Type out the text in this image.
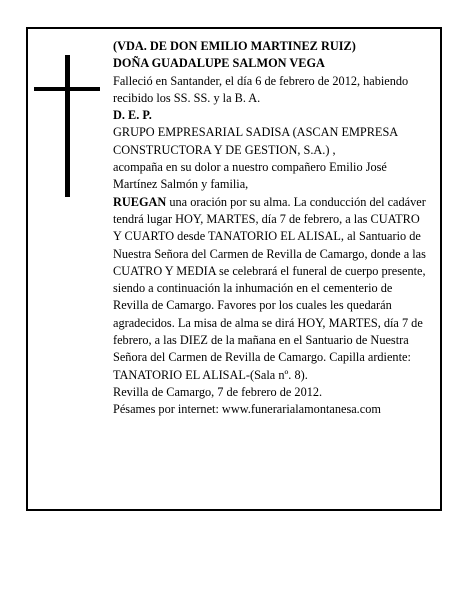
(VDA. DE DON EMILIO MARTINEZ RUIZ)

DOÑA GUADALUPE SALMON VEGA

Falleció en Santander, el día 6 de febrero de 2012, habiendo recibido los SS. SS. y la B. A.

D. E. P.

GRUPO EMPRESARIAL SADISA (ASCAN EMPRESA CONSTRUCTORA Y DE GESTION, S.A.) ,

acompaña en su dolor a nuestro compañero Emilio José Martínez Salmón y familia,

RUEGAN una oración por su alma. La conducción del cadáver tendrá lugar HOY, MARTES, día 7 de febrero, a las CUATRO Y CUARTO desde TANATORIO EL ALISAL, al Santuario de Nuestra Señora del Carmen de Revilla de Camargo, donde a las CUATRO Y MEDIA se celebrará el funeral de cuerpo presente, siendo a continuación la inhumación en el cementerio de Revilla de Camargo. Favores por los cuales les quedarán agradecidos. La misa de alma se dirá HOY, MARTES, día 7 de febrero, a las DIEZ de la mañana en el Santuario de Nuestra Señora del Carmen de Revilla de Camargo. Capilla ardiente: TANATORIO EL ALISAL-(Sala nº. 8).

Revilla de Camargo, 7 de febrero de 2012.

Pésames por internet: www.funerarialamontanesa.com
